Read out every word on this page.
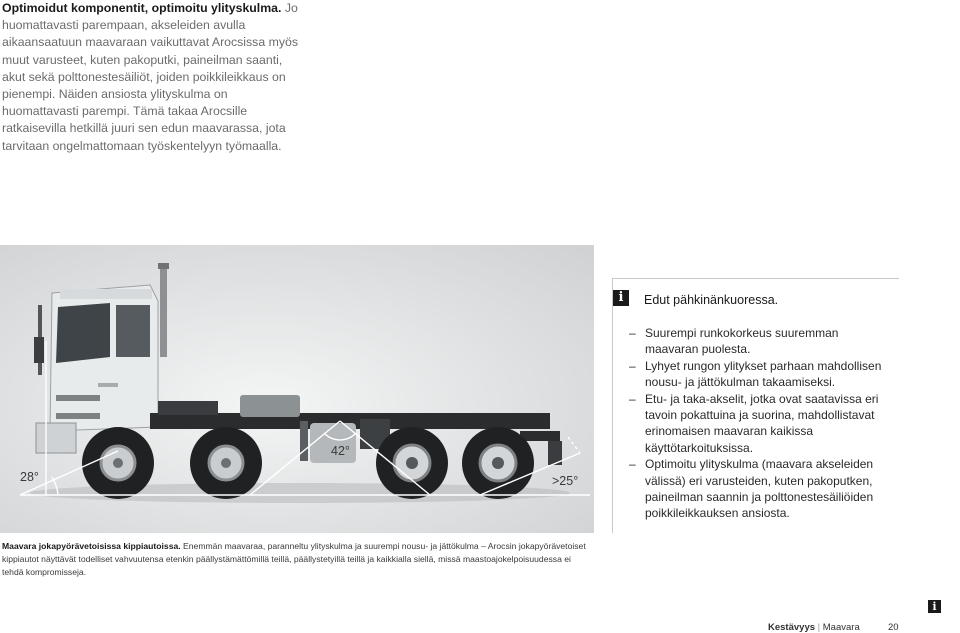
Optimoidut komponentit, optimoitu ylityskulma. Jo huomattavasti parempaan, akseleiden avulla aikaansaatuun maavaraan vaikuttavat Arocsissa myös muut varusteet, kuten pakoputki, paineilman saanti, akut sekä polttonestesäiliöt, joiden poikkileikkaus on pienempi. Näiden ansiosta ylityskulma on huomattavasti parempi. Tämä takaa Arocsille ratkaisevilla hetkillä juuri sen edun maavarassa, jota tarvitaan ongelmattomaan työskentelyyn työmaalla.
28°
42°
>25°
i	Edut pähkinänkuoressa.
– Suurempi runkokorkeus suuremman maavaran puolesta.
– Lyhyet rungon ylitykset parhaan mahdollisen nousu- ja jättökulman takaamiseksi.
– Etu- ja taka-akselit, jotka ovat saatavissa eri tavoin pokattuina ja suorina, mahdollistavat erinomaisen maavaran kaikissa käyttötarkoituksissa.
– Optimoitu ylityskulma (maavara akseleiden välissä) eri varusteiden, kuten pakoputken, paineilman saannin ja polttonestesäiliöiden poikkileikkauksen ansiosta.
Maavara jokapyörävetoisissa kippiautoissa. Enemmän maavaraa, paranneltu ylityskulma ja suurempi nousu- ja jättökulma – Arocsin jokapyörävetoiset kippiautot näyttävät todelliset vahvuutensa etenkin päällystämättömillä teillä, päällystetyillä teillä ja kaikkialla siellä, missä maastoajokelpoisuudessa ei tehdä kompromisseja.
i
Kestävyys | Maavara	20
